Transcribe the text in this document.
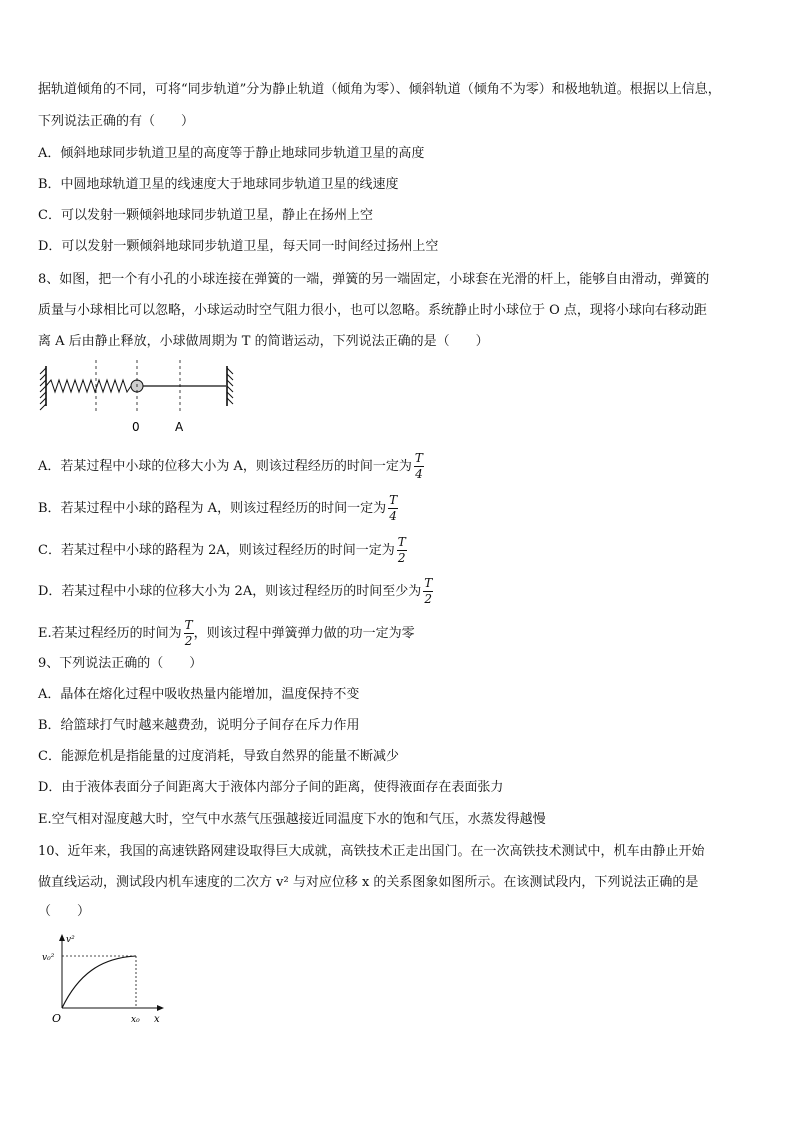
据轨道倾角的不同，可将“同步轨道”分为静止轨道（倾角为零）、倾斜轨道（倾角不为零）和极地轨道。根据以上信息，
下列说法正确的有（　　）
A．倾斜地球同步轨道卫星的高度等于静止地球同步轨道卫星的高度
B．中圆地球轨道卫星的线速度大于地球同步轨道卫星的线速度
C．可以发射一颗倾斜地球同步轨道卫星，静止在扬州上空
D．可以发射一颗倾斜地球同步轨道卫星，每天同一时间经过扬州上空
8、如图，把一个有小孔的小球连接在弹簧的一端，弹簧的另一端固定，小球套在光滑的杆上，能够自由滑动，弹簧的
质量与小球相比可以忽略，小球运动时空气阻力很小，也可以忽略。系统静止时小球位于 O 点，现将小球向右移动距
离 A 后由静止释放，小球做周期为 T 的简谐运动，下列说法正确的是（　　）
0	A
A．若某过程中小球的位移大小为 A，则该过程经历的时间一定为 $\frac{T}{4}$
B．若某过程中小球的路程为 A，则该过程经历的时间一定为 $\frac{T}{4}$
C．若某过程中小球的路程为 2A，则该过程经历的时间一定为 $\frac{T}{2}$
D．若某过程中小球的位移大小为 2A，则该过程经历的时间至少为 $\frac{T}{2}$
E.若某过程经历的时间为 $\frac{T}{2}$ ，则该过程中弹簧弹力做的功一定为零
9、下列说法正确的（　　）
A．晶体在熔化过程中吸收热量内能增加，温度保持不变
B．给篮球打气时越来越费劲，说明分子间存在斥力作用
C．能源危机是指能量的过度消耗，导致自然界的能量不断减少
D．由于液体表面分子间距离大于液体内部分子间的距离，使得液面存在表面张力
E.空气相对湿度越大时，空气中水蒸气压强越接近同温度下水的饱和气压，水蒸发得越慢
10、近年来，我国的高速铁路网建设取得巨大成就，高铁技术正走出国门。在一次高铁技术测试中，机车由静止开始
做直线运动，测试段内机车速度的二次方 v² 与对应位移 x 的关系图象如图所示。在该测试段内，下列说法正确的是
（　　）
v²
v₀²
O	x₀ x
